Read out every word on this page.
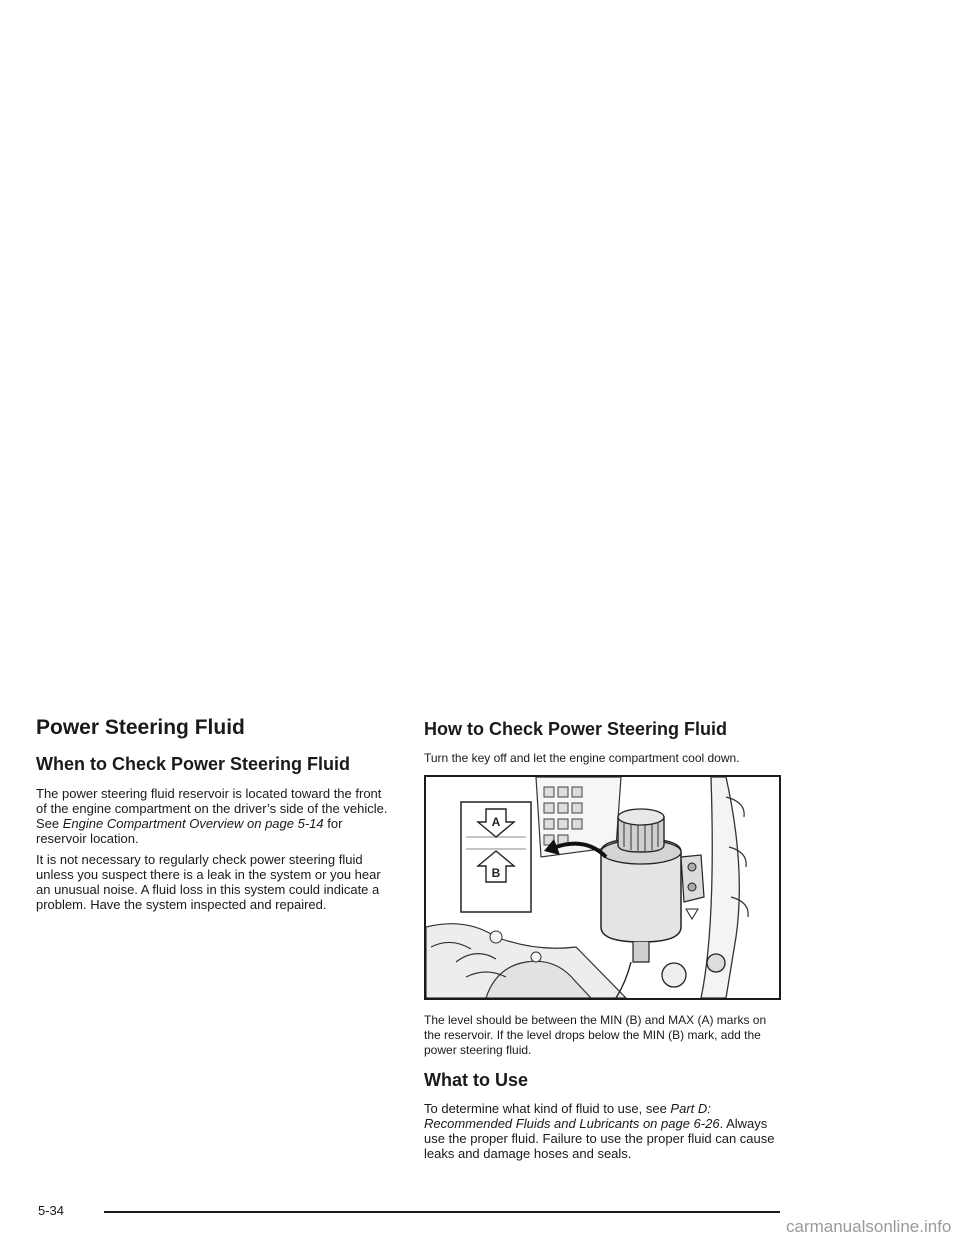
Power Steering Fluid
When to Check Power Steering Fluid

The power steering fluid reservoir is located toward the front of the engine compartment on the driver’s side of the vehicle. See Engine Compartment Overview on page 5-14 for reservoir location.

It is not necessary to regularly check power steering fluid unless you suspect there is a leak in the system or you hear an unusual noise. A fluid loss in this system could indicate a problem. Have the system inspected and repaired.

How to Check Power Steering Fluid

Turn the key off and let the engine compartment cool down.

A
B

The level should be between the MIN (B) and MAX (A) marks on the reservoir. If the level drops below the MIN (B) mark, add the power steering fluid.

What to Use

To determine what kind of fluid to use, see Part D: Recommended Fluids and Lubricants on page 6-26. Always use the proper fluid. Failure to use the proper fluid can cause leaks and damage hoses and seals.

5-34
carmanualsonline.info
